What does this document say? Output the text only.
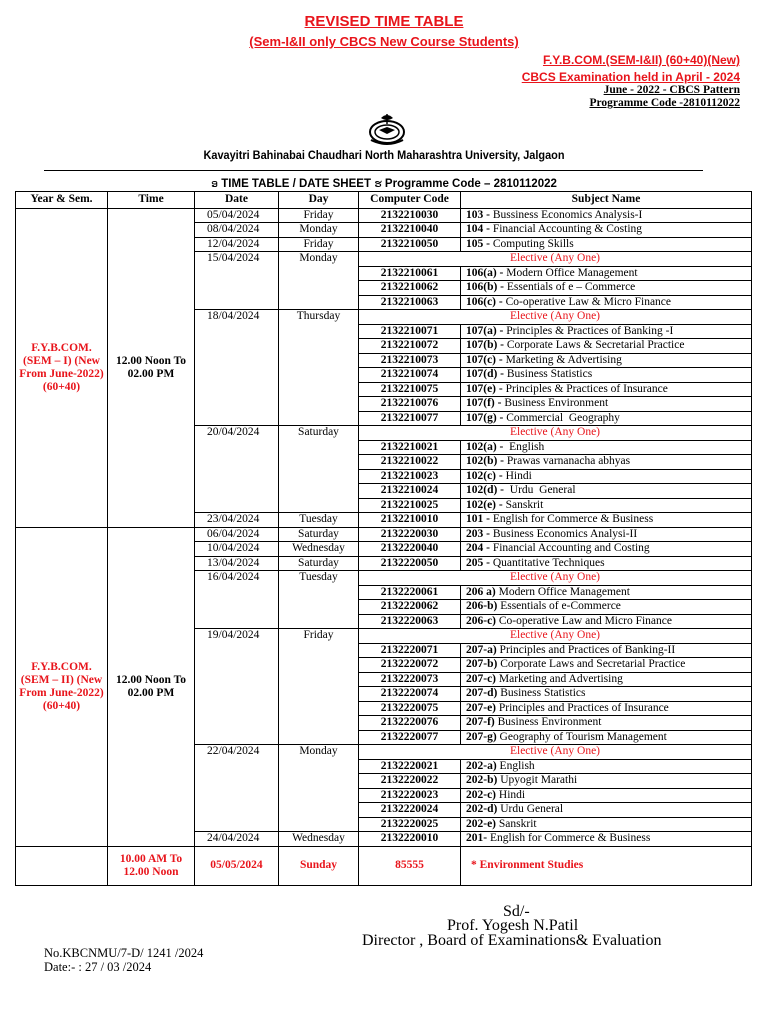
REVISED TIME TABLE
(Sem-I&II only CBCS New Course Students)
F.Y.B.COM.(SEM-I&II) (60+40)(New)
CBCS Examination held in April - 2024
June - 2022 - CBCS Pattern
Programme Code -2810112022
Kavayitri Bahinabai Chaudhari North Maharashtra University, Jalgaon
ອ TIME TABLE / DATE SHEET ຮ Programme Code – 2810112022
Year & Sem.	Time	Date	Day	Computer Code	Subject Name
F.Y.B.COM. (SEM – I) (New From June-2022) (60+40)	12.00 Noon To 02.00 PM	05/04/2024	Friday	2132210030	103 - Bussiness Economics Analysis-I
		08/04/2024	Monday	2132210040	104 - Financial Accounting & Costing
		12/04/2024	Friday	2132210050	105 - Computing Skills
		15/04/2024	Monday	Elective (Any One)	
				2132210061	106(a) - Modern Office Management
				2132210062	106(b) - Essentials of e – Commerce
				2132210063	106(c) - Co-operative Law & Micro Finance
		18/04/2024	Thursday	Elective (Any One)	
				2132210071	107(a) - Principles & Practices of Banking -I
				2132210072	107(b) - Corporate Laws & Secretarial Practice
				2132210073	107(c) - Marketing & Advertising
				2132210074	107(d) - Business Statistics
				2132210075	107(e) - Principles & Practices of Insurance
				2132210076	107(f) - Business Environment
				2132210077	107(g) - Commercial  Geography
		20/04/2024	Saturday	Elective (Any One)	
				2132210021	102(a) -  English
				2132210022	102(b) - Prawas varnanacha abhyas
				2132210023	102(c) - Hindi
				2132210024	102(d) -  Urdu  General
				2132210025	102(e) - Sanskrit
		23/04/2024	Tuesday	2132210010	101 - English for Commerce & Business
F.Y.B.COM. (SEM – II) (New From June-2022) (60+40)	12.00 Noon To 02.00 PM	06/04/2024	Saturday	2132220030	203 - Business Economics Analysi-II
		10/04/2024	Wednesday	2132220040	204 - Financial Accounting and Costing
		13/04/2024	Saturday	2132220050	205 - Quantitative Techniques
		16/04/2024	Tuesday	Elective (Any One)	
				2132220061	206 a) Modern Office Management
				2132220062	206-b) Essentials of e-Commerce
				2132220063	206-c) Co-operative Law and Micro Finance
		19/04/2024	Friday	Elective (Any One)	
				2132220071	207-a) Principles and Practices of Banking-II
				2132220072	207-b) Corporate Laws and Secretarial Practice
				2132220073	207-c) Marketing and Advertising
				2132220074	207-d) Business Statistics
				2132220075	207-e) Principles and Practices of Insurance
				2132220076	207-f) Business Environment
				2132220077	207-g) Geography of Tourism Management
		22/04/2024	Monday	Elective (Any One)	
				2132220021	202-a) English
				2132220022	202-b) Upyogit Marathi
				2132220023	202-c) Hindi
				2132220024	202-d) Urdu General
				2132220025	202-e) Sanskrit
		24/04/2024	Wednesday	2132220010	201- English for Commerce & Business
	10.00 AM To 12.00 Noon	05/05/2024	Sunday	85555	* Environment Studies
Sd/-
Prof. Yogesh N.Patil
Director , Board of Examinations& Evaluation
No.KBCNMU/7-D/ 1241 /2024
Date:- : 27 / 03 /2024
